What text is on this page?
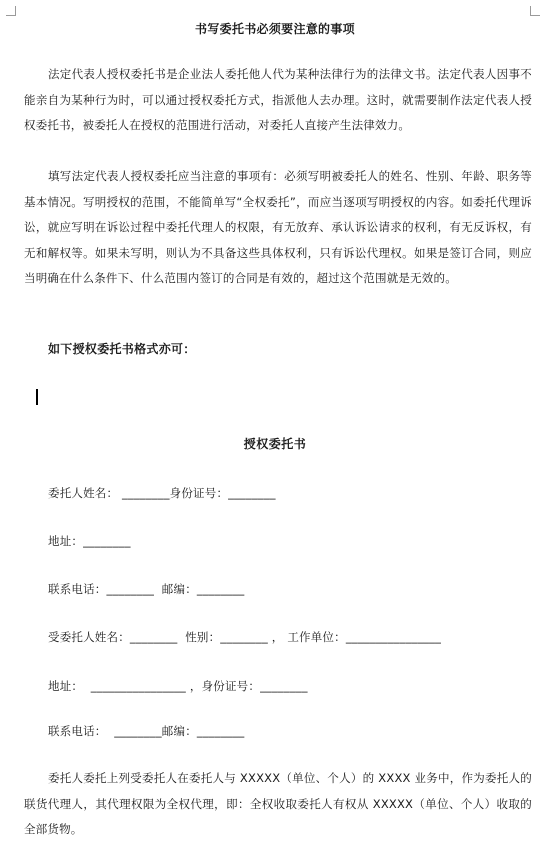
书写委托书必须要注意的事项

法定代表人授权委托书是企业法人委托他人代为某种法律行为的法律文书。法定代表人因事不能亲自为某种行为时，可以通过授权委托方式，指派他人去办理。这时，就需要制作法定代表人授权委托书，被委托人在授权的范围进行活动，对委托人直接产生法律效力。

填写法定代表人授权委托应当注意的事项有：必须写明被委托人的姓名、性别、年龄、职务等基本情况。写明授权的范围，不能简单写“全权委托”，而应当逐项写明授权的内容。如委托代理诉讼，就应写明在诉讼过程中委托代理人的权限，有无放弃、承认诉讼请求的权利，有无反诉权，有无和解权等。如果未写明，则认为不具备这些具体权利，只有诉讼代理权。如果是签订合同，则应当明确在什么条件下、什么范围内签订的合同是有效的，超过这个范围就是无效的。

如下授权委托书格式亦可：
授权委托书
委托人姓名： ________身份证号：________
地址：________
联系电话：________  邮编：________
受委托人姓名：________  性别：________ ， 工作单位：________________
地址：  ________________ ，身份证号：________
联系电话：  ________邮编：________

委托人委托上列受委托人在委托人与 XXXXX（单位、个人）的 XXXX 业务中，作为委托人的联货代理人，其代理权限为全权代理，即：全权收取委托人有权从 XXXXX（单位、个人）收取的全部货物。
